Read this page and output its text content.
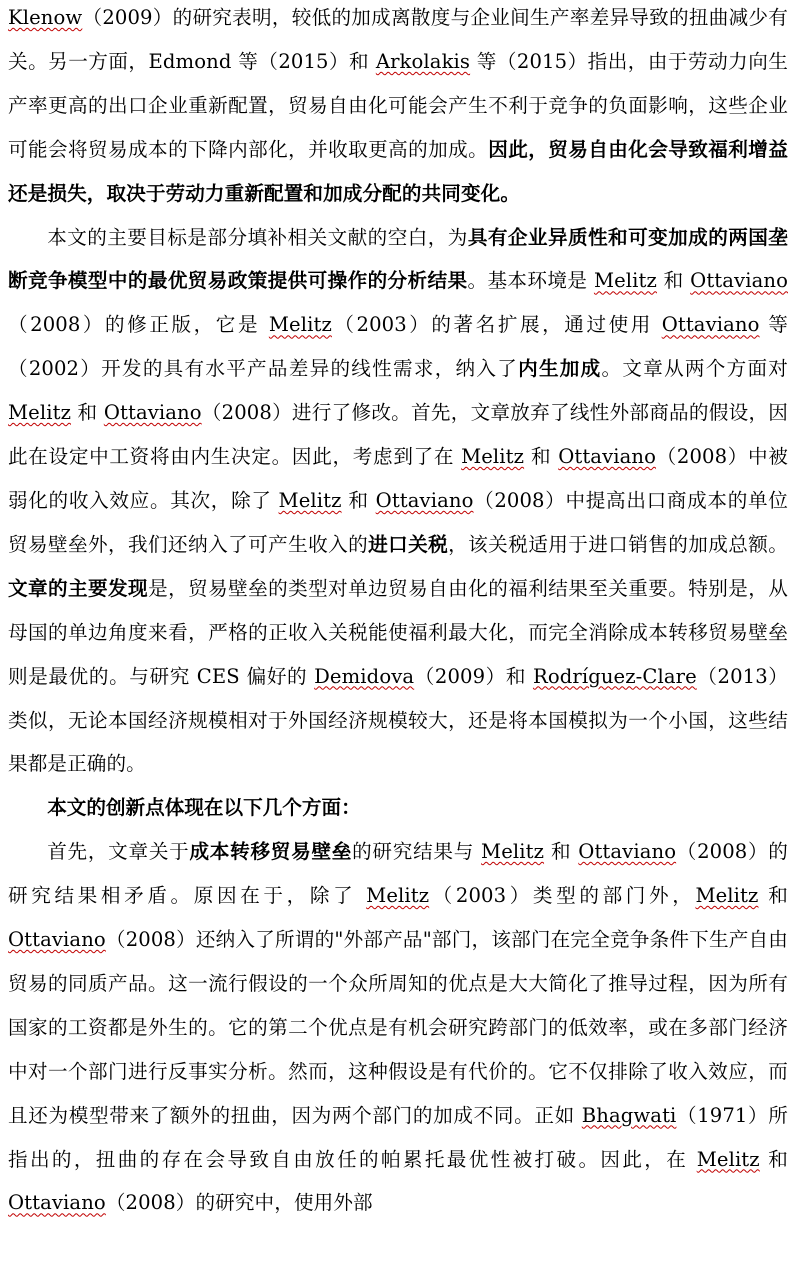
Klenow（2009）的研究表明，较低的加成离散度与企业间生产率差异导致的扭曲减少有关。另一方面，Edmond 等（2015）和 Arkolakis 等（2015）指出，由于劳动力向生产率更高的出口企业重新配置，贸易自由化可能会产生不利于竞争的负面影响，这些企业可能会将贸易成本的下降内部化，并收取更高的加成。因此，贸易自由化会导致福利增益还是损失，取决于劳动力重新配置和加成分配的共同变化。

本文的主要目标是部分填补相关文献的空白，为具有企业异质性和可变加成的两国垄断竞争模型中的最优贸易政策提供可操作的分析结果。基本环境是 Melitz 和 Ottaviano（2008）的修正版，它是 Melitz（2003）的著名扩展，通过使用 Ottaviano 等（2002）开发的具有水平产品差异的线性需求，纳入了内生加成。文章从两个方面对 Melitz 和 Ottaviano（2008）进行了修改。首先，文章放弃了线性外部商品的假设，因此在设定中工资将由内生决定。因此，考虑到了在 Melitz 和 Ottaviano（2008）中被弱化的收入效应。其次，除了 Melitz 和 Ottaviano（2008）中提高出口商成本的单位贸易壁垒外，我们还纳入了可产生收入的进口关税，该关税适用于进口销售的加成总额。文章的主要发现是，贸易壁垒的类型对单边贸易自由化的福利结果至关重要。特别是，从母国的单边角度来看，严格的正收入关税能使福利最大化，而完全消除成本转移贸易壁垒则是最优的。与研究 CES 偏好的 Demidova（2009）和 Rodríguez-Clare（2013）类似，无论本国经济规模相对于外国经济规模较大，还是将本国模拟为一个小国，这些结果都是正确的。

本文的创新点体现在以下几个方面：

首先，文章关于成本转移贸易壁垒的研究结果与 Melitz 和 Ottaviano（2008）的研究结果相矛盾。原因在于，除了 Melitz（2003）类型的部门外，Melitz 和 Ottaviano（2008）还纳入了所谓的"外部产品"部门，该部门在完全竞争条件下生产自由贸易的同质产品。这一流行假设的一个众所周知的优点是大大简化了推导过程，因为所有国家的工资都是外生的。它的第二个优点是有机会研究跨部门的低效率，或在多部门经济中对一个部门进行反事实分析。然而，这种假设是有代价的。它不仅排除了收入效应，而且还为模型带来了额外的扭曲，因为两个部门的加成不同。正如 Bhagwati（1971）所指出的，扭曲的存在会导致自由放任的帕累托最优性被打破。因此，在 Melitz 和 Ottaviano（2008）的研究中，使用外部
